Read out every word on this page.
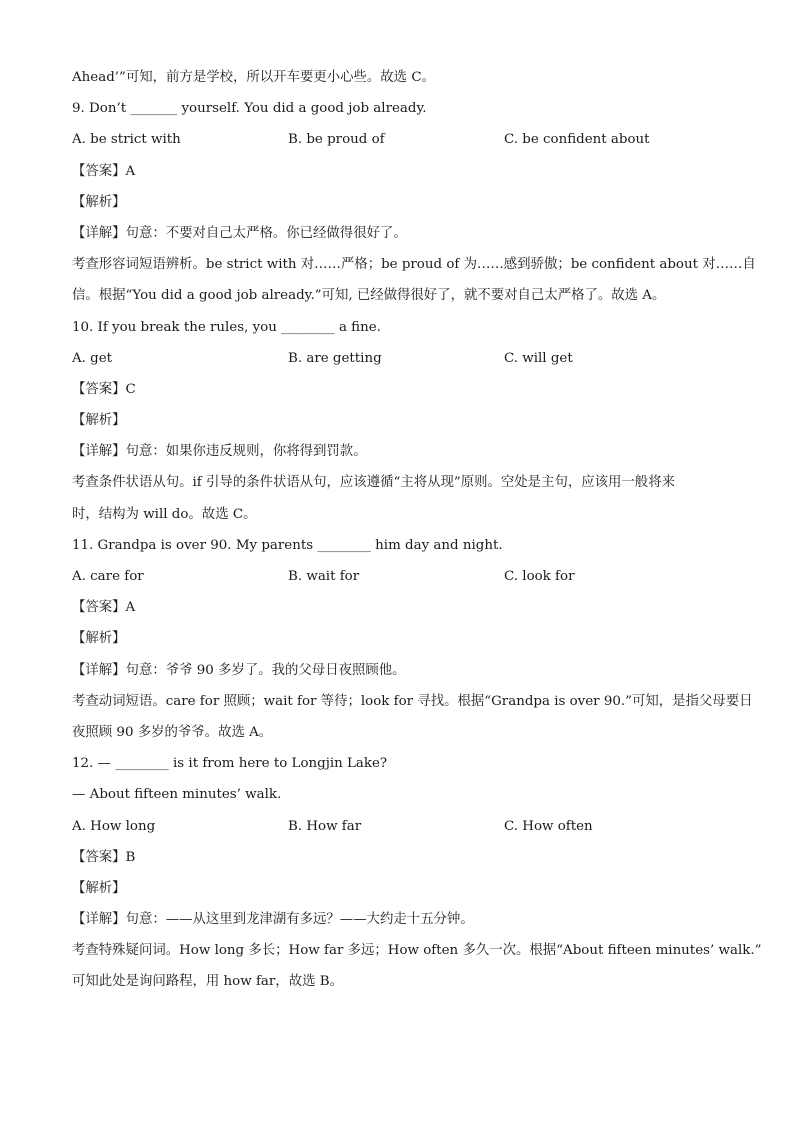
Ahead’”可知，前方是学校，所以开车要更小心些。故选 C。
9. Don’t _______ yourself. You did a good job already.
A. be strict with	B. be proud of	C. be confident about
【答案】A
【解析】
【详解】句意：不要对自己太严格。你已经做得很好了。
考查形容词短语辨析。be strict with 对……严格；be proud of 为……感到骄傲；be confident about 对……自
信。根据“You did a good job already.”可知, 已经做得很好了，就不要对自己太严格了。故选 A。
10. If you break the rules, you ________ a fine.
A. get	B. are getting	C. will get
【答案】C
【解析】
【详解】句意：如果你违反规则，你将得到罚款。
考查条件状语从句。if 引导的条件状语从句，应该遵循“主将从现”原则。空处是主句，应该用一般将来
时，结构为 will do。故选 C。
11. Grandpa is over 90. My parents ________ him day and night.
A. care for	B. wait for	C. look for
【答案】A
【解析】
【详解】句意：爷爷 90 多岁了。我的父母日夜照顾他。
考查动词短语。care for 照顾；wait for 等待；look for 寻找。根据“Grandpa is over 90.”可知，是指父母要日
夜照顾 90 多岁的爷爷。故选 A。
12. — ________ is it from here to Longjin Lake?
— About fifteen minutes’ walk.
A. How long	B. How far	C. How often
【答案】B
【解析】
【详解】句意：——从这里到龙津湖有多远？——大约走十五分钟。
考查特殊疑问词。How long 多长；How far 多远；How often 多久一次。根据“About fifteen minutes’ walk.”
可知此处是询问路程，用 how far，故选 B。
